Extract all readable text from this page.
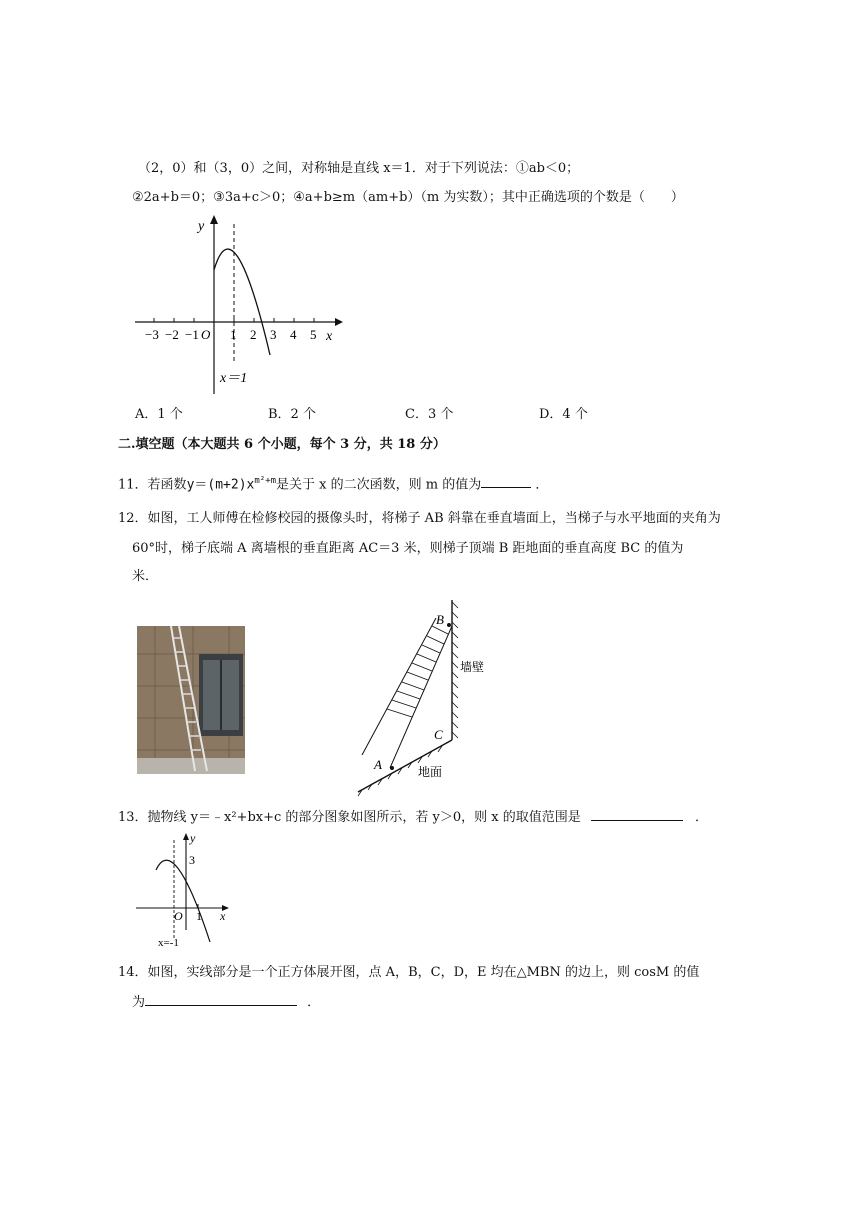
（2，0）和（3，0）之间，对称轴是直线 x＝1．对于下列说法：①ab＜0；
②2a+b＝0；③3a+c＞0；④a+b≥m（am+b）（m 为实数）；其中正确选项的个数是（　　）
y
x
O
−3 −2 −1 1 2 3 4 5
x＝1
A．1 个	B．2 个	C．3 个	D．4 个
二.填空题（本大题共 6 个小题，每个 3 分，共 18 分）
11．若函数$y=(m+2)x^{m^2+m}$是关于 x 的二次函数，则 m 的值为	．
12．如图，工人师傅在检修校园的摄像头时，将梯子 AB 斜靠在垂直墙面上，当梯子与水平地面的夹角为
60°时，梯子底端 A 离墙根的垂直距离 AC＝3 米，则梯子顶端 B 距地面的垂直高度 BC 的值为
米．
B
C
A
墙壁
地面
13．抛物线 y＝﹣x²+bx+c 的部分图象如图所示，若 y＞0，则 x 的取值范围是	．
y
x
O 1
3
x=-1
14．如图，实线部分是一个正方体展开图，点 A，B，C，D，E 均在△MBN 的边上，则 cosM 的值
为	．
